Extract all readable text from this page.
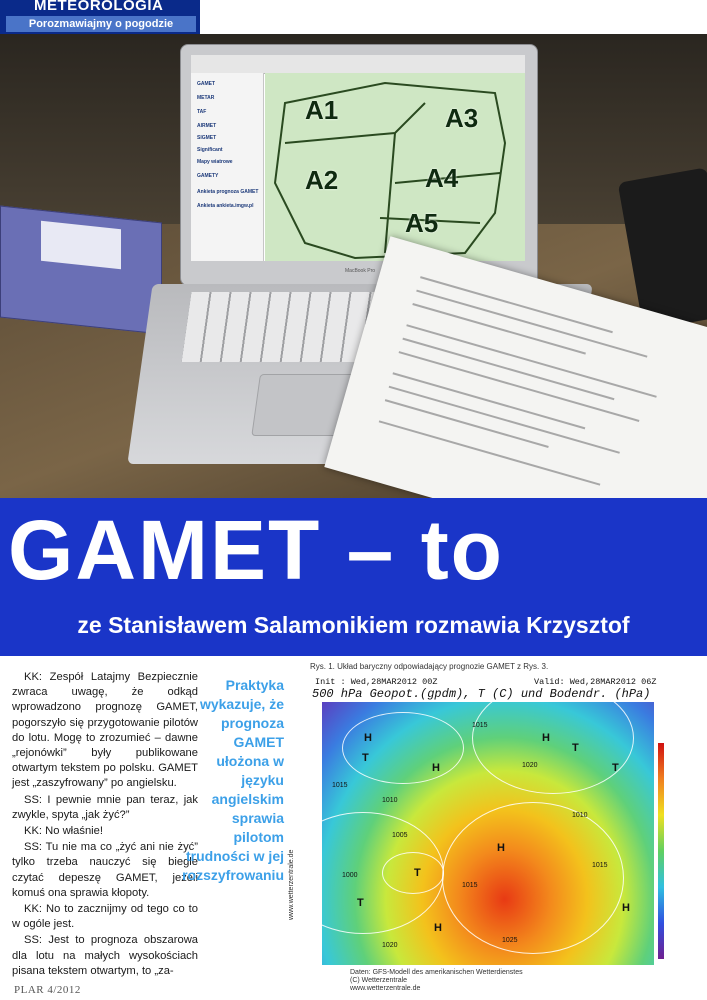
METEOROLOGIA
Porozmawiajmy o pogodzie
GAMET
METAR
TAF
AIRMET
SIGMET
Significant
Mapy wiatrowe
GAMETY
Ankieta prognoza GAMET
Ankieta ankieta.imgw.pl
A1
A2
A3
A4
A5
MacBook Pro
GAMET – to
ze Stanisławem Salamonikiem rozmawia Krzysztof

KK: Zespół Latajmy Bezpiecznie zwraca uwagę, że odkąd wprowadzono prognozę GAMET, pogorszyło się przygotowanie pilotów do lotu. Mogę to zrozumieć – dawne „rejonówki” były publikowane otwartym tekstem po polsku. GAMET jest „zaszyfrowany” po angielsku.

SS: I pewnie mnie pan teraz, jak zwykle, spyta „jak żyć?”

KK: No właśnie!

SS: Tu nie ma co „żyć ani nie żyć” tylko trzeba nauczyć się biegle czytać depeszę GAMET, jeżeli komuś ona sprawia kłopoty.

KK: No to zacznijmy od tego co to w ogóle jest.

SS: Jest to prognoza obszarowa dla lotu na małych wysokościach pisana tekstem otwartym, to „za-

Praktyka wykazuje, że prognoza GAMET ułożona w języku angielskim sprawia pilotom trudności w jej rozszyfrowaniu
Rys. 1. Układ baryczny odpowiadający prognozie GAMET z Rys. 3.
Init : Wed,28MAR2012 00Z	Valid: Wed,28MAR2012 06Z
500 hPa Geopot.(gpdm), T (C) und Bodendr. (hPa)
H
T
H
T
H
T
H
H
T
H
T
1015
1010
1015
1020
1005
1015
1000
1010
1015
1025
1020
Daten: GFS-Modell des amerikanischen Wetterdienstes
(C) Wetterzentrale
www.wetterzentrale.de
www.wetterzentrale.de
PLAR 4/2012
